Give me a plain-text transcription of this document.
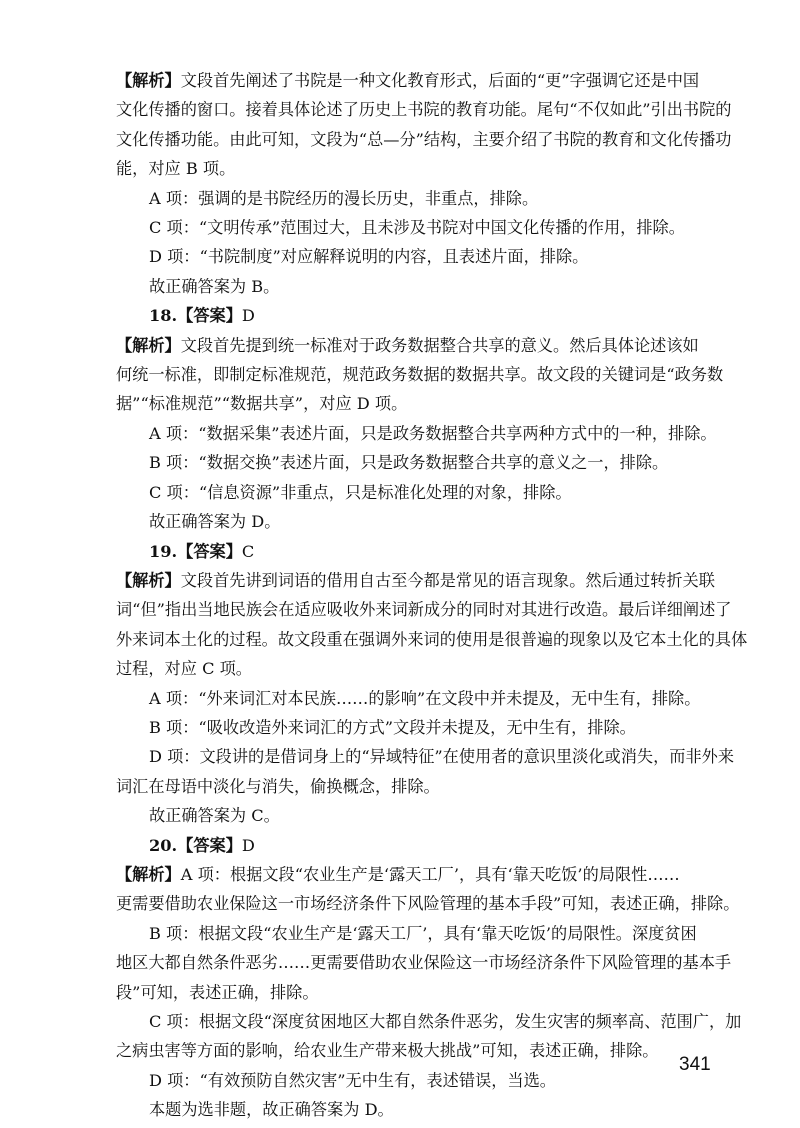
【解析】文段首先阐述了书院是一种文化教育形式，后面的“更”字强调它还是中国

文化传播的窗口。接着具体论述了历史上书院的教育功能。尾句“不仅如此”引出书院的

文化传播功能。由此可知，文段为“总—分”结构，主要介绍了书院的教育和文化传播功

能，对应 B 项。

A 项：强调的是书院经历的漫长历史，非重点，排除。

C 项：“文明传承”范围过大，且未涉及书院对中国文化传播的作用，排除。

D 项：“书院制度”对应解释说明的内容，且表述片面，排除。

故正确答案为 B。

18.【答案】D

【解析】文段首先提到统一标准对于政务数据整合共享的意义。然后具体论述该如

何统一标准，即制定标准规范，规范政务数据的数据共享。故文段的关键词是“政务数

据”“标准规范”“数据共享”，对应 D 项。

A 项：“数据采集”表述片面，只是政务数据整合共享两种方式中的一种，排除。

B 项：“数据交换”表述片面，只是政务数据整合共享的意义之一，排除。

C 项：“信息资源”非重点，只是标准化处理的对象，排除。

故正确答案为 D。

19.【答案】C

【解析】文段首先讲到词语的借用自古至今都是常见的语言现象。然后通过转折关联

词“但”指出当地民族会在适应吸收外来词新成分的同时对其进行改造。最后详细阐述了

外来词本土化的过程。故文段重在强调外来词的使用是很普遍的现象以及它本土化的具体

过程，对应 C 项。

A 项：“外来词汇对本民族……的影响”在文段中并未提及，无中生有，排除。

B 项：“吸收改造外来词汇的方式”文段并未提及，无中生有，排除。

D 项：文段讲的是借词身上的“异域特征”在使用者的意识里淡化或消失，而非外来

词汇在母语中淡化与消失，偷换概念，排除。

故正确答案为 C。

20.【答案】D

【解析】A 项：根据文段“农业生产是‘露天工厂’，具有‘靠天吃饭’的局限性……

更需要借助农业保险这一市场经济条件下风险管理的基本手段”可知，表述正确，排除。

B 项：根据文段“农业生产是‘露天工厂’，具有‘靠天吃饭’的局限性。深度贫困

地区大都自然条件恶劣……更需要借助农业保险这一市场经济条件下风险管理的基本手

段”可知，表述正确，排除。

C 项：根据文段“深度贫困地区大都自然条件恶劣，发生灾害的频率高、范围广，加

之病虫害等方面的影响，给农业生产带来极大挑战”可知，表述正确，排除。

D 项：“有效预防自然灾害”无中生有，表述错误，当选。

本题为选非题，故正确答案为 D。

341
